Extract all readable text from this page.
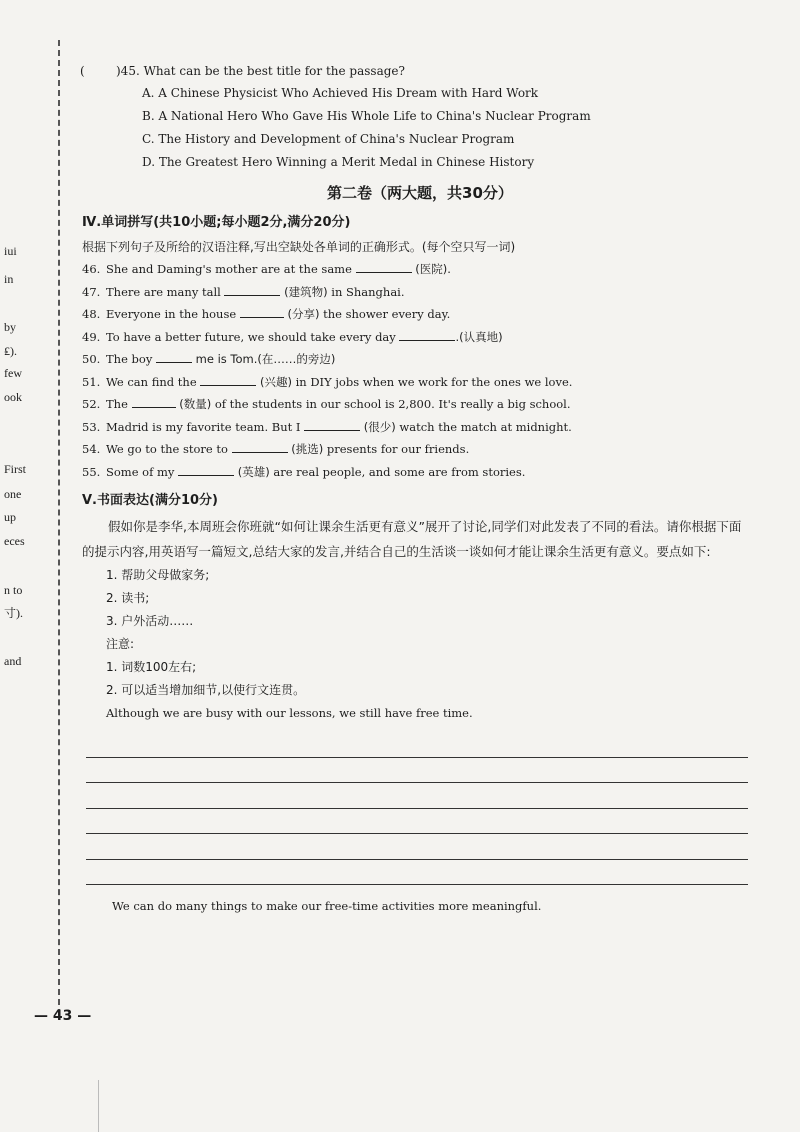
iui
in
by
₤).
few
ook
First
one
up
eces
n to
寸).
and
(	)45. What can be the best title for the passage?
A. A Chinese Physicist Who Achieved His Dream with Hard Work
B. A National Hero Who Gave His Whole Life to China's Nuclear Program
C. The History and Development of China's Nuclear Program
D. The Greatest Hero Winning a Merit Medal in Chinese History
第二卷（两大题，共30分）
Ⅳ.单词拼写(共10小题;每小题2分,满分20分)
根据下列句子及所给的汉语注释,写出空缺处各单词的正确形式。(每个空只写一词)
46. She and Daming's mother are at the same	(医院).
47. There are many tall	(建筑物) in Shanghai.
48. Everyone in the house	(分享) the shower every day.
49. To have a better future, we should take every day	.(认真地)
50. The boy	me is Tom.(在……的旁边)
51. We can find the	(兴趣) in DIY jobs when we work for the ones we love.
52. The	(数量) of the students in our school is 2,800. It's really a big school.
53. Madrid is my favorite team. But I	(很少) watch the match at midnight.
54. We go to the store to	(挑选) presents for our friends.
55. Some of my	(英雄) are real people, and some are from stories.
Ⅴ.书面表达(满分10分)
假如你是李华,本周班会你班就“如何让课余生活更有意义”展开了讨论,同学们对此发表了不同的看法。请你根据下面的提示内容,用英语写一篇短文,总结大家的发言,并结合自己的生活谈一谈如何才能让课余生活更有意义。要点如下:
1. 帮助父母做家务;
2. 读书;
3. 户外活动……
注意:
1. 词数100左右;
2. 可以适当增加细节,以使行文连贯。
Although we are busy with our lessons, we still have free time.
We can do many things to make our free-time activities more meaningful.
— 43 —
